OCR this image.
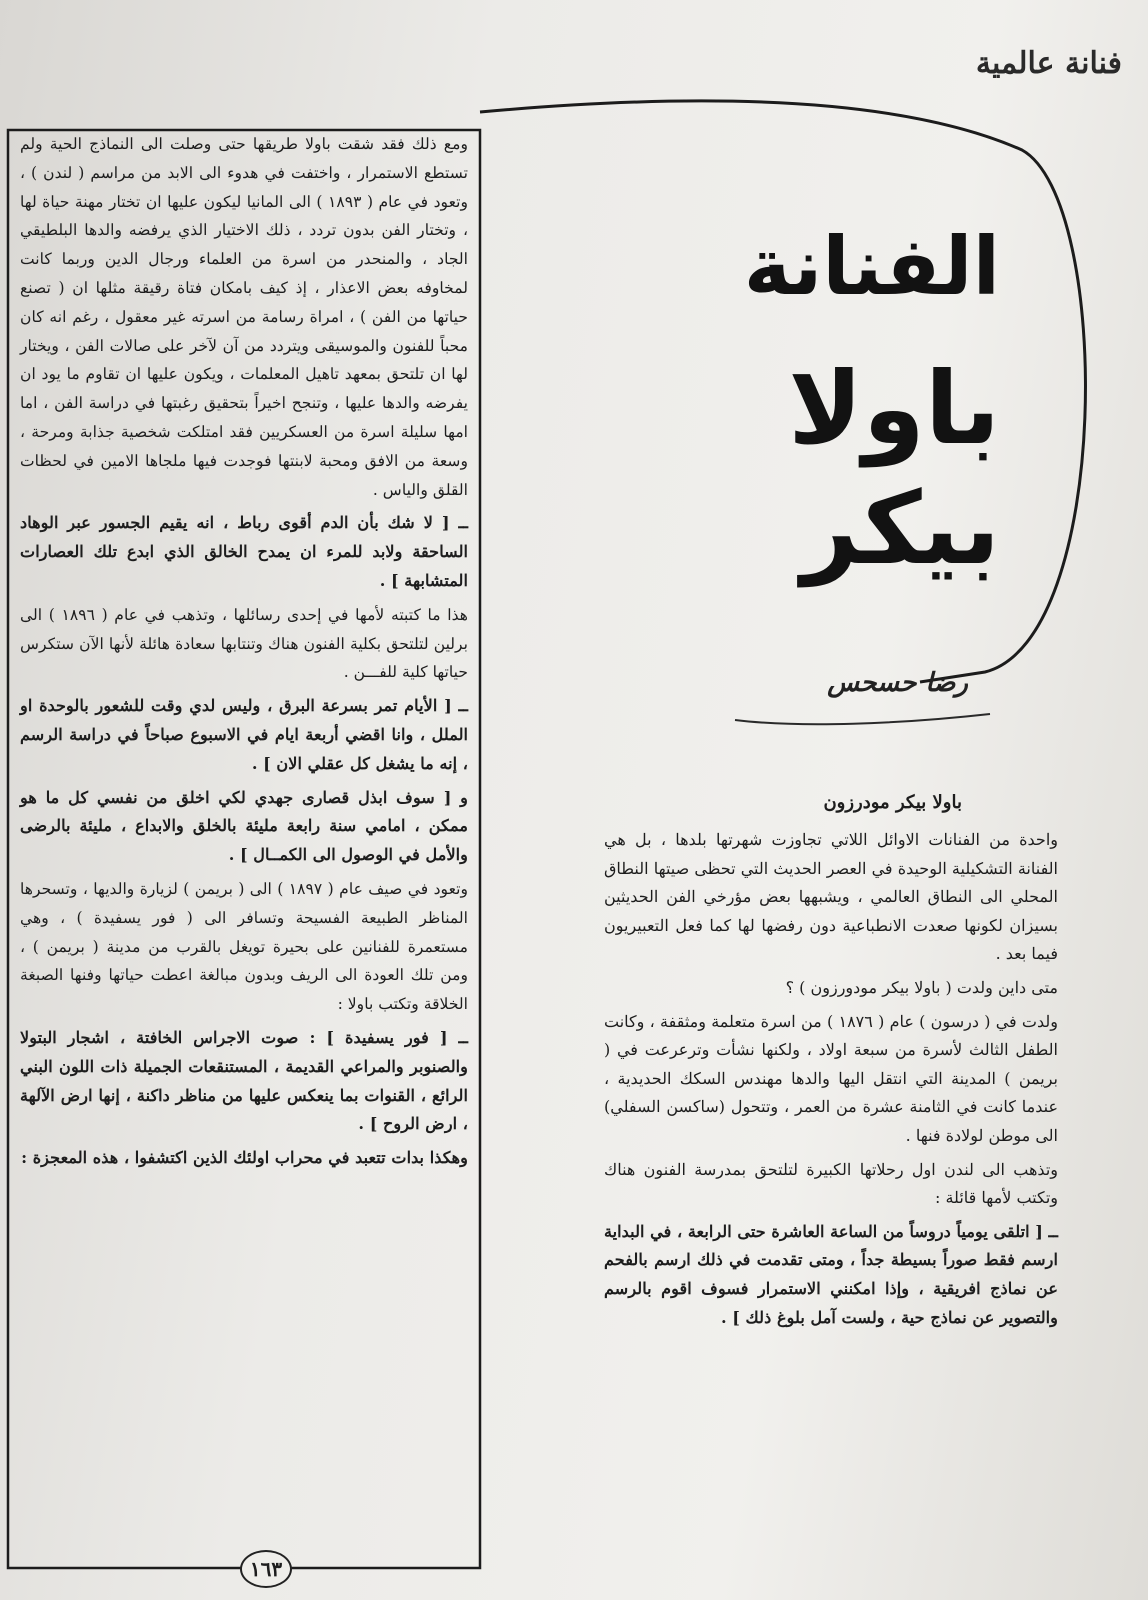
فنانة عالمية

ومع ذلك فقد شقت باولا طريقها حتى وصلت الى النماذج الحية ولم تستطع الاستمرار ، واختفت في هدوء الى الابد من مراسم ( لندن ) ، وتعود في عام ( ١٨٩٣ ) الى المانيا ليكون عليها ان تختار مهنة حياة لها ، وتختار الفن بدون تردد ، ذلك الاختيار الذي يرفضه والدها البلطيقي الجاد ، والمنحدر من اسرة من العلماء ورجال الدين وربما كانت لمخاوفه بعض الاعذار ، إذ كيف بامكان فتاة رقيقة مثلها ان ( تصنع حياتها من الفن ) ، امراة رسامة من اسرته غير معقول ، رغم انه كان محباً للفنون والموسيقى ويتردد من آن لآخر على صالات الفن ، ويختار لها ان تلتحق بمعهد تاهيل المعلمات ، ويكون عليها ان تقاوم ما يود ان يفرضه والدها عليها ، وتنجح اخيراً بتحقيق رغبتها في دراسة الفن ، اما امها سليلة اسرة من العسكريين فقد امتلكت شخصية جذابة ومرحة ، وسعة من الافق ومحبة لابنتها فوجدت فيها ملجاها الامين في لحظات القلق والياس .

ــ [ لا شك بأن الدم أقوى رباط ، انه يقيم الجسور عبر الوهاد الساحقة ولابد للمرء ان يمدح الخالق الذي ابدع تلك العصارات المتشابهة ] .

هذا ما كتبته لأمها في إحدى رسائلها ، وتذهب في عام ( ١٨٩٦ ) الى برلين لتلتحق بكلية الفنون هناك وتنتابها سعادة هائلة لأنها الآن ستكرس حياتها كلية للفـــن .

ــ [ الأيام تمر بسرعة البرق ، وليس لدي وقت للشعور بالوحدة او الملل ، وانا اقضي أربعة ايام في الاسبوع صباحاً في دراسة الرسم ، إنه ما يشغل كل عقلي الان ] .

و [ سوف ابذل قصارى جهدي لكي اخلق من نفسي كل ما هو ممكن ، امامي سنة رابعة مليئة بالخلق والابداع ، مليئة بالرضى والأمل في الوصول الى الكمــال ] .

وتعود في صيف عام ( ١٨٩٧ ) الى ( بريمن ) لزيارة والديها ، وتسحرها المناظر الطبيعة الفسيحة وتسافر الى ( فور يسفيدة ) ، وهي مستعمرة للفنانين على بحيرة تويغل بالقرب من مدينة ( بريمن ) ، ومن تلك العودة الى الريف وبدون مبالغة اعطت حياتها وفنها الصبغة الخلاقة وتكتب باولا :

ــ [ فور يسفيدة ] : صوت الاجراس الخافتة ، اشجار البتولا والصنوبر والمراعي القديمة ، المستنقعات الجميلة ذات اللون البني الرائع ، القنوات بما ينعكس عليها من مناظر داكنة ، إنها ارض الآلهة ، ارض الروح ] .

وهكذا بدات تتعبد في محراب اولئك الذين اكتشفوا ، هذه المعجزة :

الفنانة
باولا
بيكر
رضا حسحس
باولا بيكر مودرزون

واحدة من الفنانات الاوائل اللاتي تجاوزت شهرتها بلدها ، بل هي الفنانة التشكيلية الوحيدة في العصر الحديث التي تحظى صيتها النطاق المحلي الى النطاق العالمي ، ويشبهها بعض مؤرخي الفن الحديثين بسيزان لكونها صعدت الانطباعية دون رفضها لها كما فعل التعبيريون فيما بعد .

متى داين ولدت ( باولا بيكر مودورزون ) ؟

ولدت في ( درسون ) عام ( ١٨٧٦ ) من اسرة متعلمة ومثقفة ، وكانت الطفل الثالث لأسرة من سبعة اولاد ، ولكنها نشأت وترعرعت في ( بريمن ) المدينة التي انتقل اليها والدها مهندس السكك الحديدية ، عندما كانت في الثامنة عشرة من العمر ، وتتحول (ساكسن السفلي) الى موطن لولادة فنها .

وتذهب الى لندن اول رحلاتها الكبيرة لتلتحق بمدرسة الفنون هناك وتكتب لأمها قائلة :

ــ [ اتلقى يومياً دروساً من الساعة العاشرة حتى الرابعة ، في البداية ارسم فقط صوراً بسيطة جداً ، ومتى تقدمت في ذلك ارسم بالفحم عن نماذج افريقية ، وإذا امكنني الاستمرار فسوف اقوم بالرسم والتصوير عن نماذج حية ، ولست آمل بلوغ ذلك ] .

١٦٣
